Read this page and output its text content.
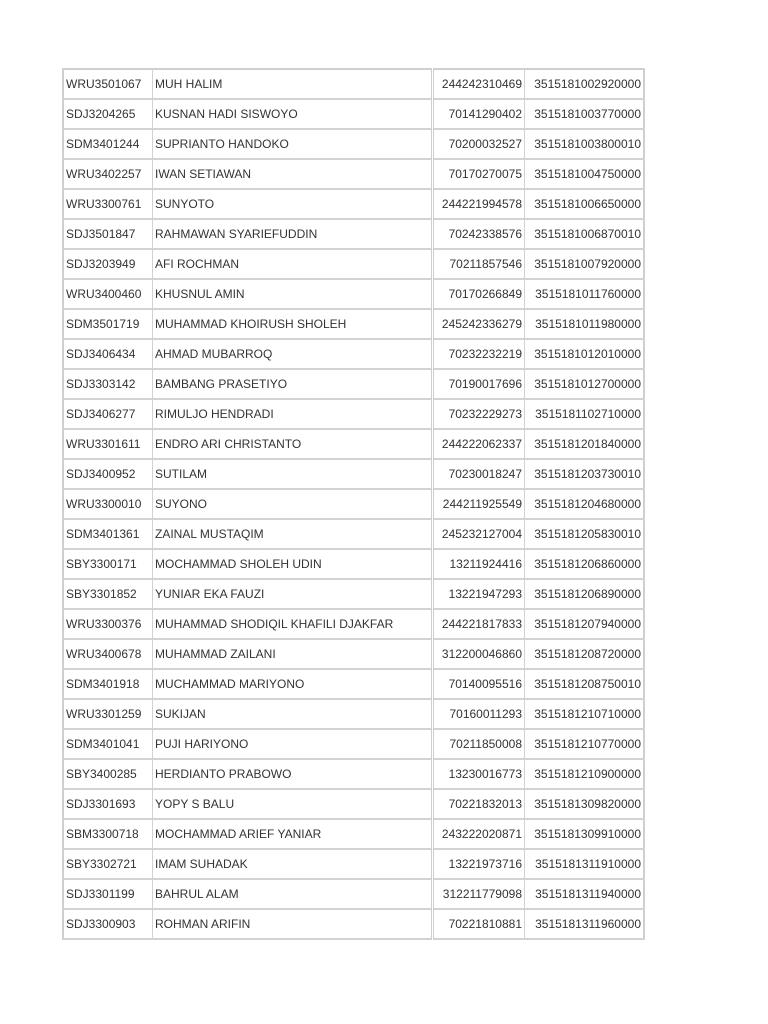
WRU3501067	MUH HALIM	244242310469	3515181002920000
SDJ3204265	KUSNAN HADI SISWOYO	70141290402	3515181003770000
SDM3401244	SUPRIANTO HANDOKO	70200032527	3515181003800010
WRU3402257	IWAN SETIAWAN	70170270075	3515181004750000
WRU3300761	SUNYOTO	244221994578	3515181006650000
SDJ3501847	RAHMAWAN SYARIEFUDDIN	70242338576	3515181006870010
SDJ3203949	AFI ROCHMAN	70211857546	3515181007920000
WRU3400460	KHUSNUL AMIN	70170266849	3515181011760000
SDM3501719	MUHAMMAD KHOIRUSH SHOLEH	245242336279	3515181011980000
SDJ3406434	AHMAD MUBARROQ	70232232219	3515181012010000
SDJ3303142	BAMBANG PRASETIYO	70190017696	3515181012700000
SDJ3406277	RIMULJO HENDRADI	70232229273	3515181102710000
WRU3301611	ENDRO ARI CHRISTANTO	244222062337	3515181201840000
SDJ3400952	SUTILAM	70230018247	3515181203730010
WRU3300010	SUYONO	244211925549	3515181204680000
SDM3401361	ZAINAL MUSTAQIM	245232127004	3515181205830010
SBY3300171	MOCHAMMAD SHOLEH UDIN	13211924416	3515181206860000
SBY3301852	YUNIAR EKA FAUZI	13221947293	3515181206890000
WRU3300376	MUHAMMAD SHODIQIL KHAFILI DJAKFAR	244221817833	3515181207940000
WRU3400678	MUHAMMAD ZAILANI	312200046860	3515181208720000
SDM3401918	MUCHAMMAD MARIYONO	70140095516	3515181208750010
WRU3301259	SUKIJAN	70160011293	3515181210710000
SDM3401041	PUJI HARIYONO	70211850008	3515181210770000
SBY3400285	HERDIANTO PRABOWO	13230016773	3515181210900000
SDJ3301693	YOPY S BALU	70221832013	3515181309820000
SBM3300718	MOCHAMMAD ARIEF YANIAR	243222020871	3515181309910000
SBY3302721	IMAM SUHADAK	13221973716	3515181311910000
SDJ3301199	BAHRUL ALAM	312211779098	3515181311940000
SDJ3300903	ROHMAN ARIFIN	70221810881	3515181311960000
